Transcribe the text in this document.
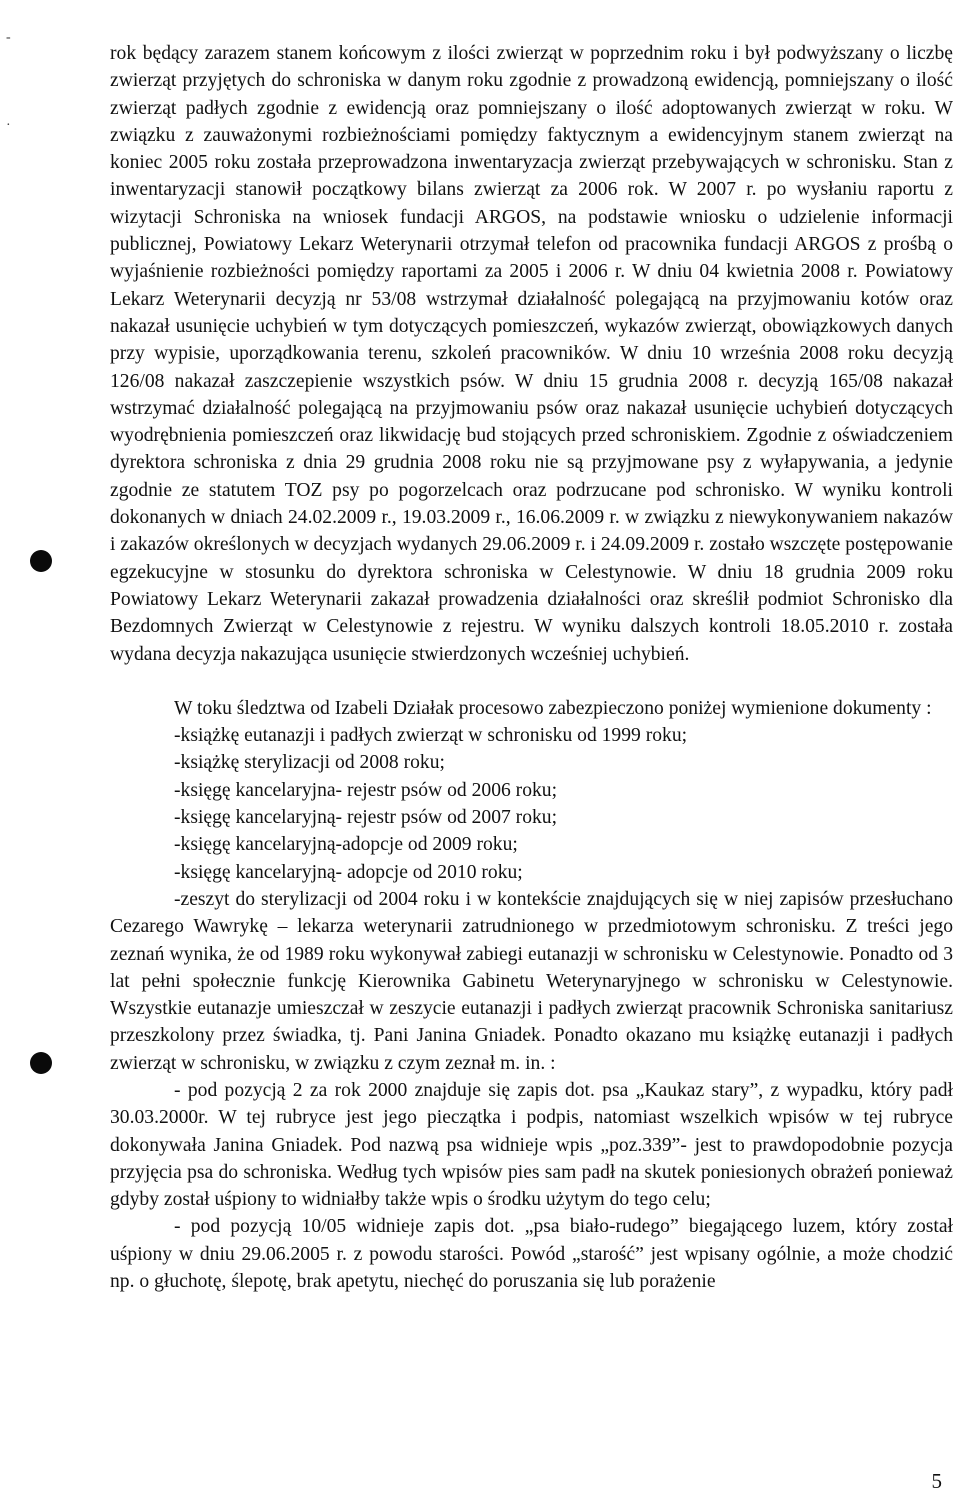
-
·

rok będący zarazem stanem końcowym z ilości zwierząt w poprzednim roku i był podwyższany o liczbę zwierząt przyjętych do schroniska w danym roku zgodnie z prowadzoną ewidencją, pomniejszany o ilość zwierząt padłych zgodnie z ewidencją oraz pomniejszany o ilość adoptowanych zwierząt w roku. W związku z zauważonymi rozbieżnościami pomiędzy faktycznym a ewidencyjnym stanem zwierząt na koniec 2005 roku została przeprowadzona inwentaryzacja zwierząt przebywających w schronisku. Stan z inwentaryzacji stanowił początkowy bilans zwierząt za 2006 rok. W 2007 r. po wysłaniu raportu z wizytacji Schroniska na wniosek fundacji ARGOS, na podstawie wniosku o udzielenie informacji publicznej, Powiatowy Lekarz Weterynarii otrzymał telefon od pracownika fundacji ARGOS z prośbą o wyjaśnienie rozbieżności pomiędzy raportami za 2005 i 2006 r. W dniu 04 kwietnia 2008 r. Powiatowy Lekarz Weterynarii decyzją nr 53/08 wstrzymał działalność polegającą na przyjmowaniu kotów oraz nakazał usunięcie uchybień w tym dotyczących pomieszczeń, wykazów zwierząt, obowiązkowych danych przy wypisie, uporządkowania terenu, szkoleń pracowników. W dniu 10 września 2008 roku decyzją 126/08 nakazał zaszczepienie wszystkich psów. W dniu 15 grudnia 2008 r. decyzją 165/08 nakazał wstrzymać działalność polegającą na przyjmowaniu psów oraz nakazał usunięcie uchybień dotyczących wyodrębnienia pomieszczeń oraz likwidację bud stojących przed schroniskiem. Zgodnie z oświadczeniem dyrektora schroniska z dnia 29 grudnia 2008 roku nie są przyjmowane psy z wyłapywania, a jedynie zgodnie ze statutem TOZ psy po pogorzelcach oraz podrzucane pod schronisko. W wyniku kontroli dokonanych w dniach 24.02.2009 r., 19.03.2009 r., 16.06.2009 r. w związku z niewykonywaniem nakazów i zakazów określonych w decyzjach wydanych 29.06.2009 r. i 24.09.2009 r. zostało wszczęte postępowanie egzekucyjne w stosunku do dyrektora schroniska w Celestynowie. W dniu 18 grudnia 2009 roku Powiatowy Lekarz Weterynarii zakazał prowadzenia działalności oraz skreślił podmiot Schronisko dla Bezdomnych Zwierząt w Celestynowie z rejestru. W wyniku dalszych kontroli 18.05.2010 r. została wydana decyzja nakazująca usunięcie stwierdzonych wcześniej uchybień.

W toku śledztwa od Izabeli Działak procesowo zabezpieczono poniżej wymienione dokumenty :

-książkę eutanazji i padłych zwierząt w schronisku od 1999 roku;

-książkę sterylizacji od 2008 roku;

-księgę kancelaryjna- rejestr psów od 2006 roku;

-księgę kancelaryjną- rejestr psów od 2007 roku;

-księgę kancelaryjną-adopcje od 2009 roku;

-księgę kancelaryjną- adopcje od 2010 roku;

-zeszyt do sterylizacji od 2004 roku i w kontekście znajdujących się w niej zapisów przesłuchano Cezarego Wawrykę – lekarza weterynarii zatrudnionego w przedmiotowym schronisku. Z treści jego zeznań wynika, że od 1989 roku wykonywał zabiegi eutanazji w schronisku w Celestynowie. Ponadto od 3 lat pełni społecznie funkcję Kierownika Gabinetu Weterynaryjnego w schronisku w Celestynowie. Wszystkie eutanazje umieszczał w zeszycie eutanazji i padłych zwierząt pracownik Schroniska sanitariusz przeszkolony przez świadka, tj. Pani Janina Gniadek. Ponadto okazano mu książkę eutanazji i padłych zwierząt w schronisku, w związku z czym zeznał m. in. :

- pod pozycją 2 za rok 2000 znajduje się zapis dot. psa „Kaukaz stary”, z wypadku, który padł 30.03.2000r. W tej rubryce jest jego pieczątka i podpis, natomiast wszelkich wpisów w tej rubryce dokonywała Janina Gniadek. Pod nazwą psa widnieje wpis „poz.339”- jest to prawdopodobnie pozycja przyjęcia psa do schroniska. Według tych wpisów pies sam padł na skutek poniesionych obrażeń ponieważ gdyby został uśpiony to widniałby także wpis o środku użytym do tego celu;

- pod pozycją 10/05 widnieje zapis dot. „psa biało-rudego” biegającego luzem, który został uśpiony w dniu 29.06.2005 r. z powodu starości. Powód „starość” jest wpisany ogólnie, a może chodzić np. o głuchotę, ślepotę, brak apetytu, niechęć do poruszania się lub porażenie

5
